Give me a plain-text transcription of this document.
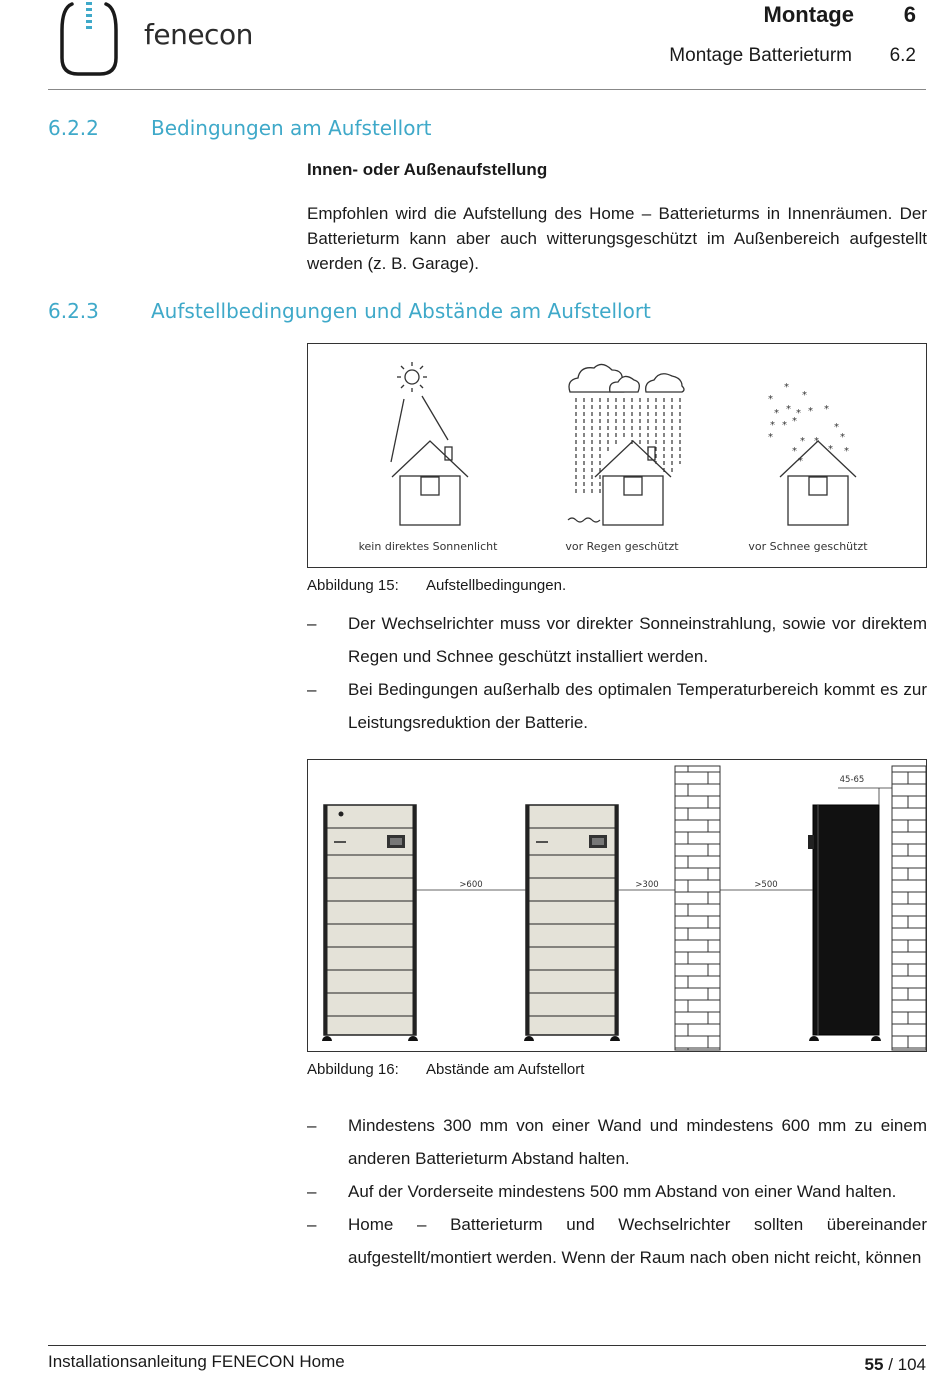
fenecon
Montage 6
Montage Batterieturm 6.2
6.2.2	Bedingungen am Aufstellort
Innen- oder Außenaufstellung
Empfohlen wird die Aufstellung des Home – Batterieturms in Innenräumen. Der Batterieturm kann aber auch witterungsgeschützt im Außenbereich aufgestellt werden (z. B. Garage).
6.2.3	Aufstellbedingungen und Abstände am Aufstellort
kein direktes Sonnenlicht	vor Regen geschützt
*
*	*
*
* * * *
* * *
*
*	* *
*	* *
*
*
vor Schnee geschützt
Abbildung 15: Aufstellbedingungen.
– Der Wechselrichter muss vor direkter Sonneinstrahlung, sowie vor direktem Regen und Schnee geschützt installiert werden.
– Bei Bedingungen außerhalb des optimalen Temperaturbereich kommt es zur Leistungsreduktion der Batterie.
>600	>300	>500
45-65
Abbildung 16: Abstände am Aufstellort
– Mindestens 300 mm von einer Wand und mindestens 600 mm zu einem anderen Batterieturm Abstand halten.
– Auf der Vorderseite mindestens 500 mm Abstand von einer Wand halten.
– Home – Batterieturm und Wechselrichter sollten übereinander aufgestellt/montiert werden. Wenn der Raum nach oben nicht reicht, können
Installationsanleitung FENECON Home	55 / 104
